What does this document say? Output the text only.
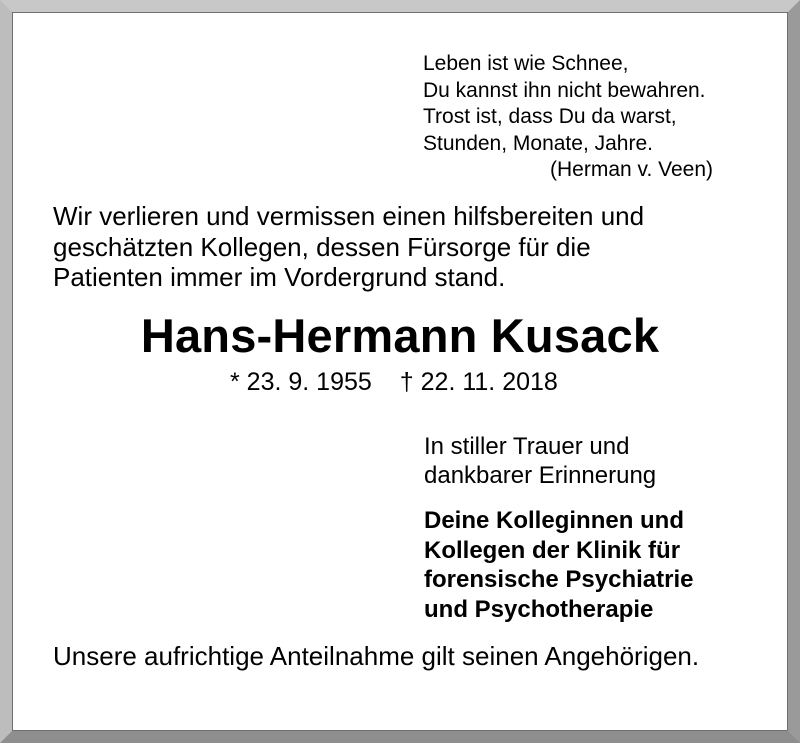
Leben ist wie Schnee,
Du kannst ihn nicht bewahren.
Trost ist, dass Du da warst,
Stunden, Monate, Jahre.
(Herman v. Veen)
Wir verlieren und vermissen einen hilfsbereiten und
geschätzten Kollegen, dessen Fürsorge für die
Patienten immer im Vordergrund stand.
Hans-Hermann Kusack
* 23. 9. 1955 † 22. 11. 2018
In stiller Trauer und
dankbarer Erinnerung
Deine Kolleginnen und
Kollegen der Klinik für
forensische Psychiatrie
und Psychotherapie
Unsere aufrichtige Anteilnahme gilt seinen Angehörigen.
